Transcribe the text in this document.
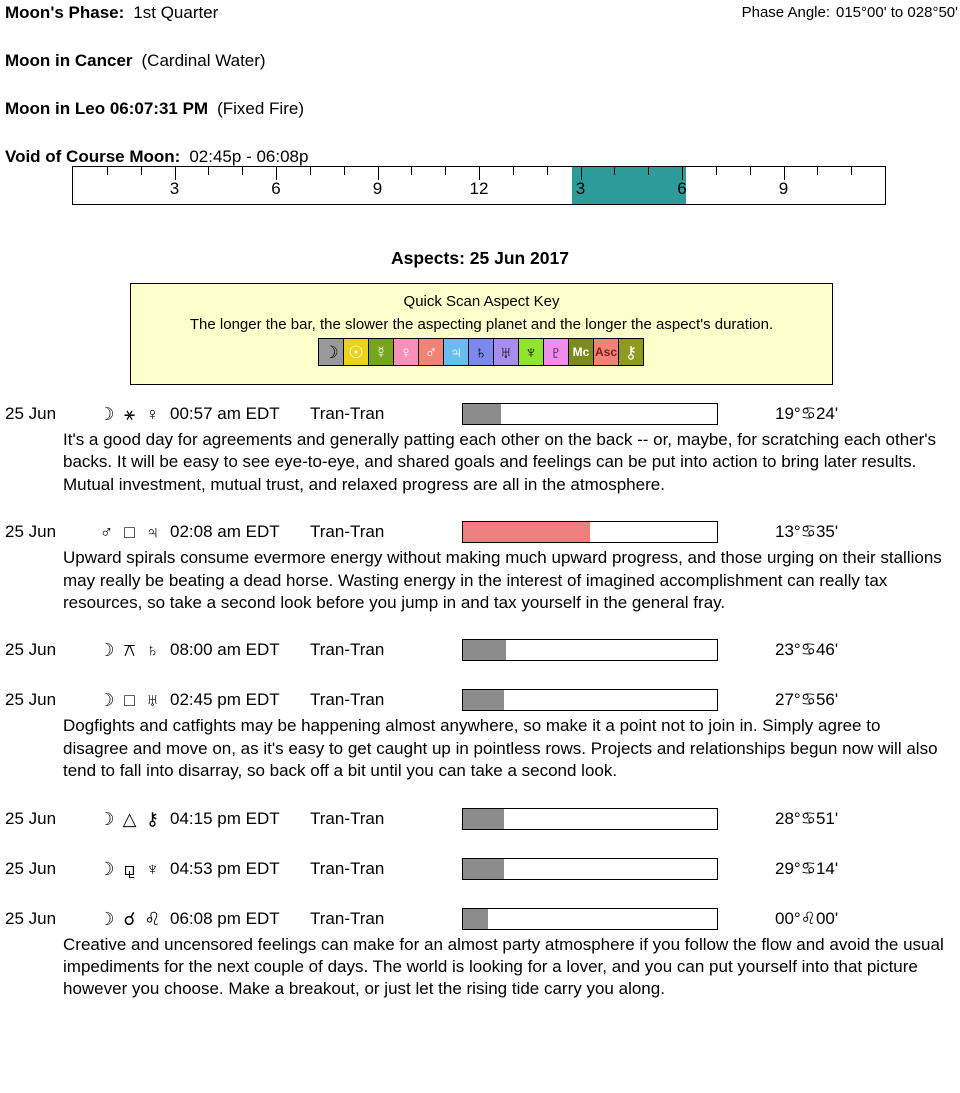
Moon's Phase: 1st Quarter	Phase Angle: 015°00' to 028°50'
Moon in Cancer (Cardinal Water)
Moon in Leo 06:07:31 PM (Fixed Fire)
Void of Course Moon: 02:45p - 06:08p
3	6	9	12	3	6	9
Aspects: 25 Jun 2017
Quick Scan Aspect Key
The longer the bar, the slower the aspecting planet and the longer the aspect's duration.
☽ ☉ ☿ ♀ ♂ ♃ ♄ ♅ ♆ ♇ Mc Asc ⚷
25 Jun ☽ ⚹ ♀ 00:57 am EDT Tran-Tran	19°♋24'
It's a good day for agreements and generally patting each other on the back -- or, maybe, for scratching each other's backs. It will be easy to see eye-to-eye, and shared goals and feelings can be put into action to bring later results. Mutual investment, mutual trust, and relaxed progress are all in the atmosphere.
25 Jun ♂ □ ♃ 02:08 am EDT Tran-Tran	13°♋35'
Upward spirals consume evermore energy without making much upward progress, and those urging on their stallions may really be beating a dead horse. Wasting energy in the interest of imagined accomplishment can really tax resources, so take a second look before you jump in and tax yourself in the general fray.
25 Jun ☽ ⚻ ♄ 08:00 am EDT Tran-Tran	23°♋46'
25 Jun ☽ □ ♅ 02:45 pm EDT Tran-Tran	27°♋56'
Dogfights and catfights may be happening almost anywhere, so make it a point not to join in. Simply agree to disagree and move on, as it's easy to get caught up in pointless rows. Projects and relationships begun now will also tend to fall into disarray, so back off a bit until you can take a second look.
25 Jun ☽ △ ⚷ 04:15 pm EDT Tran-Tran	28°♋51'
25 Jun ☽ ⚼ ♆ 04:53 pm EDT Tran-Tran	29°♋14'
25 Jun ☽ ☌ ♌ 06:08 pm EDT Tran-Tran	00°♌00'
Creative and uncensored feelings can make for an almost party atmosphere if you follow the flow and avoid the usual impediments for the next couple of days. The world is looking for a lover, and you can put yourself into that picture however you choose. Make a breakout, or just let the rising tide carry you along.
